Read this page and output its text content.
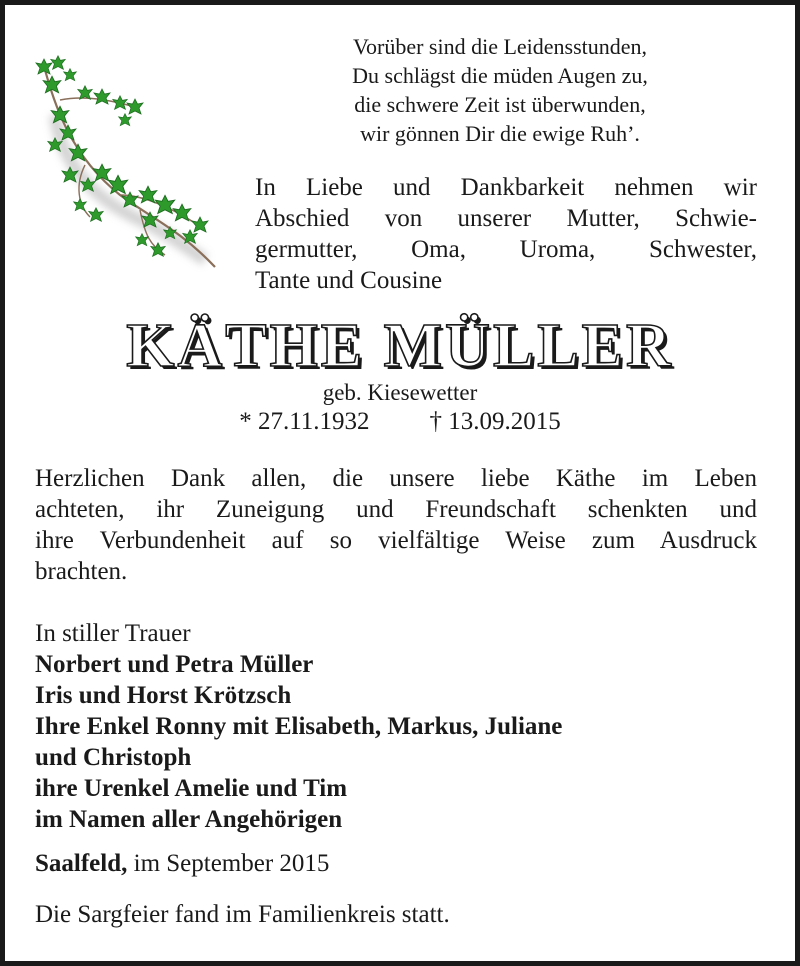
Vorüber sind die Leidensstunden,
Du schlägst die müden Augen zu,
die schwere Zeit ist überwunden,
wir gönnen Dir die ewige Ruh’.
In Liebe und Dankbarkeit nehmen wir
Abschied von unserer Mutter, Schwie-
germutter, Oma, Uroma, Schwester,
Tante und Cousine
KÄTHE MÜLLER
geb. Kiesewetter
* 27.11.1932 † 13.09.2015
Herzlichen Dank allen, die unsere liebe Käthe im Leben
achteten, ihr Zuneigung und Freundschaft schenkten und
ihre Verbundenheit auf so vielfältige Weise zum Ausdruck
brachten.
In stiller Trauer
Norbert und Petra Müller
Iris und Horst Krötzsch
Ihre Enkel Ronny mit Elisabeth, Markus, Juliane
und Christoph
ihre Urenkel Amelie und Tim
im Namen aller Angehörigen
Saalfeld, im September 2015
Die Sargfeier fand im Familienkreis statt.
